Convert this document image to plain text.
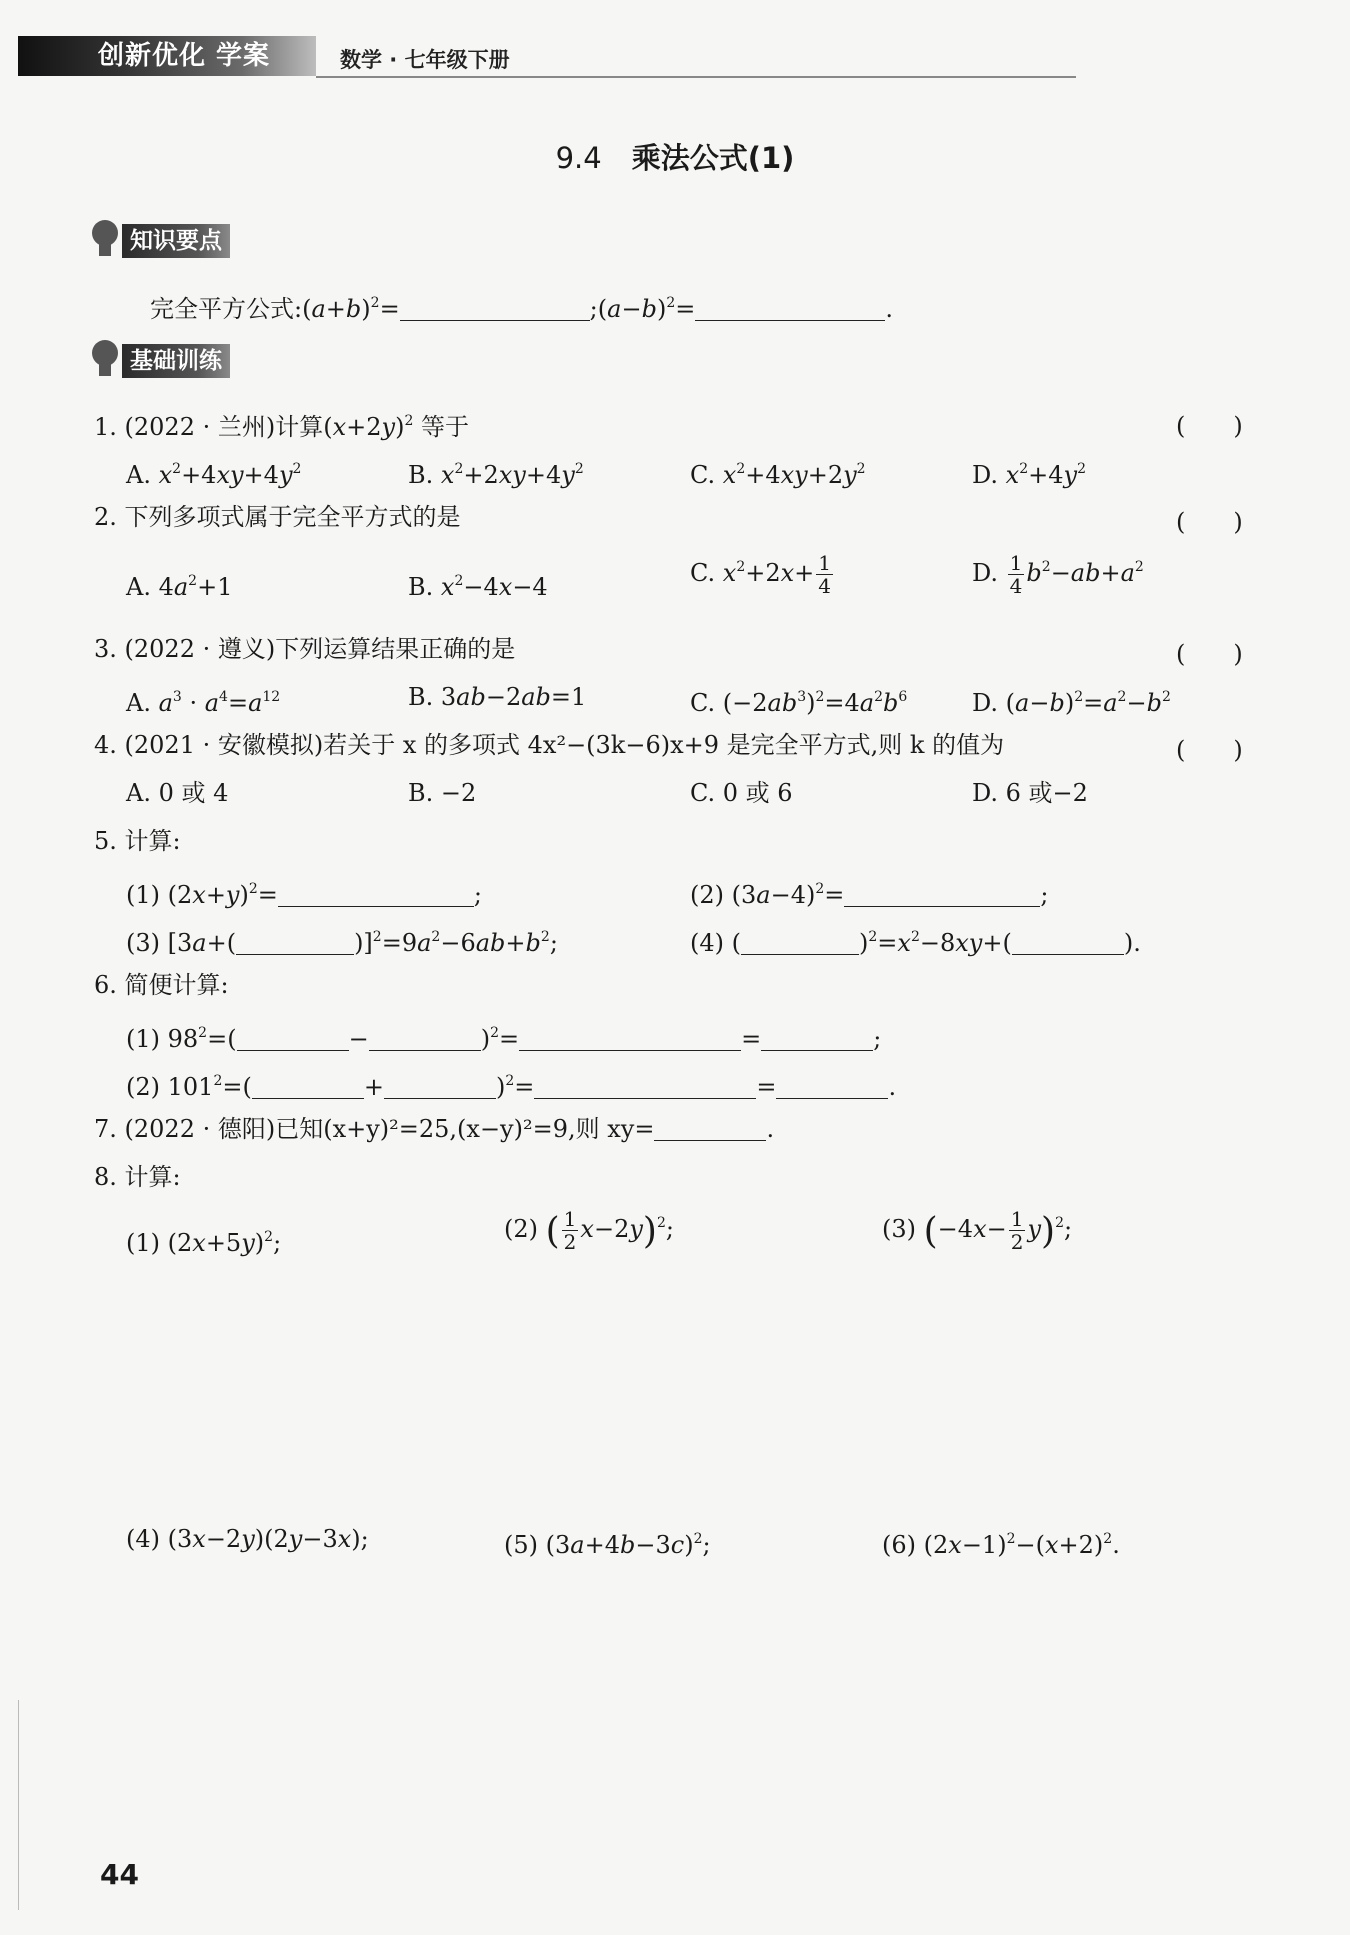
创新优化 学案	数学 · 七年级下册
9.4 乘法公式(1)
知识要点
完全平方公式$:(a+b)^2=$	$;(a-b)^2=$	.
基础训练
1. (2022 · 兰州)计算$(x+2y)^2$ 等于	(　　)
A. $x^2+4xy+4y^2$	B. $x^2+2xy+4y^2$	C. $x^2+4xy+2y^2$	D. $x^2+4y^2$
2. 下列多项式属于完全平方式的是	(　　)
A. $4a^2+1$	B. $x^2-4x-4$	C. $x^2+2x+ \frac{1}{4}$	D. $\frac{1}{4} b^2-ab+a^2$
3. (2022 · 遵义)下列运算结果正确的是	(　　)
A. $a^3 \cdot a^4=a^{12}$	B. 3ab−2ab=1	C. $(-2ab^3)^2=4a^2b^6$	D. $(a-b)^2=a^2-b^2$
4. (2021 · 安徽模拟)若关于 x 的多项式 4x²−(3k−6)x+9 是完全平方式,则 k 的值为	(　　)
A. 0 或 4	B. −2	C. 0 或 6	D. 6 或−2
5. 计算:
(1) $(2x+y)^2=$	;	(2) $(3a-4)^2=$	;
(3) [3a+(	)]$^2=9a^2-6ab+b^2$;	(4) (	)$^2=x^2-8xy+$(	).
6. 简便计算:
(1) $98^2=$(	−	)$^2$=	=	;
(2) $101^2=$(	+	)$^2$=	=	.
7. (2022 · 德阳)已知(x+y)²=25,(x−y)²=9,则 xy=	.
8. 计算:
(1) $(2x+5y)^2$;	(2) ( $\frac{1}{2} x-2y)^2$;	(3) $(-4x- \frac{1}{2} y)^2$;
(4) (3x−2y)(2y−3x);	(5) $(3a+4b-3c)^2$;	(6) $(2x-1)^2-(x+2)^2$.
44
